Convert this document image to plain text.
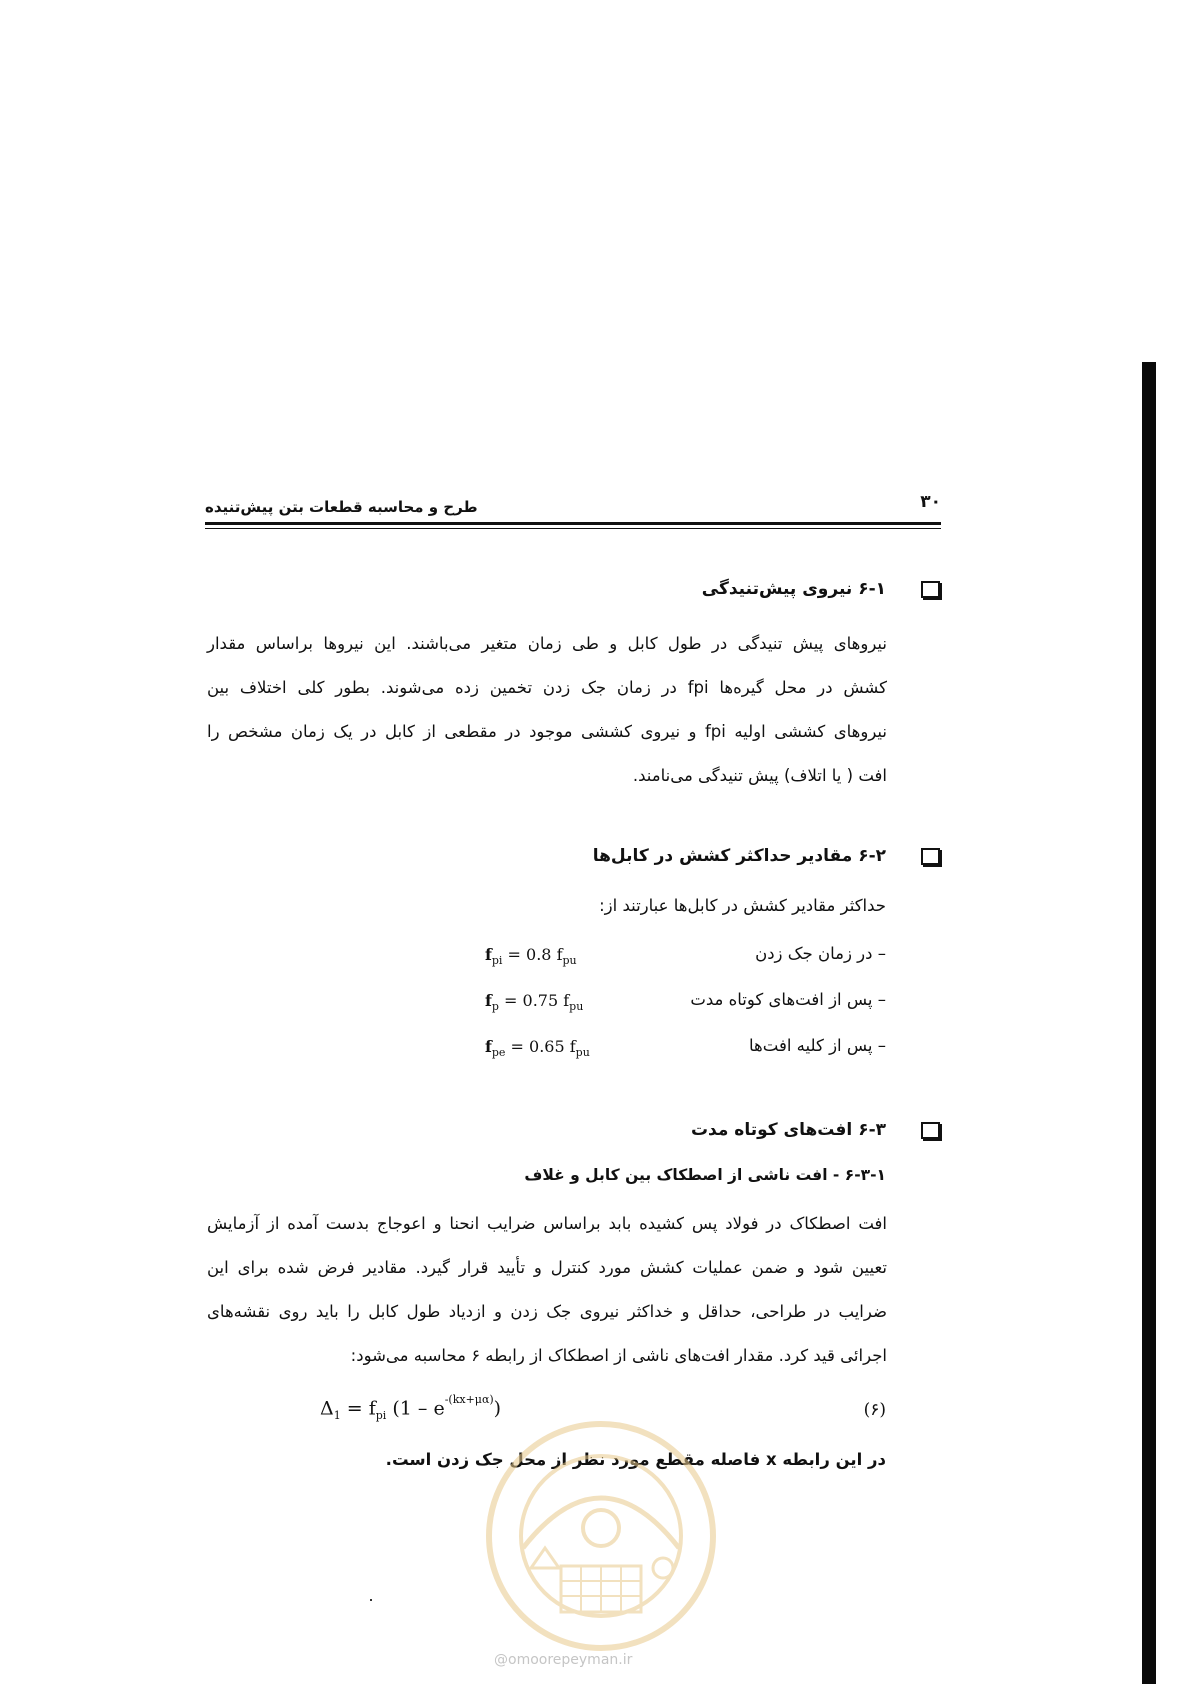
۳۰
طرح و محاسبه قطعات بتن پیش‌تنیده
۶-۱ نیروی پیش‌تنیدگی
نیروهای پیش تنیدگی در طول کابل و طی زمان متغیر می‌باشند. این نیروها براساس مقدار
کشش در محل گیره‌ها fpi در زمان جک زدن تخمین زده می‌شوند. بطور کلی اختلاف بین
نیروهای کششی اولیه fpi و نیروی کششی موجود در مقطعی از کابل در یک زمان مشخص را
افت ( یا اتلاف) پیش تنیدگی می‌نامند.
۶-۲ مقادیر حداکثر کشش در کابل‌ها
حداکثر مقادیر کشش در کابل‌ها عبارتند از:
– در زمان جک زدن
$f_{pi} = 0.8$ $f_{pu}$
– پس از افت‌های کوتاه مدت
$f_p = 0.75$ $f_{pu}$
– پس از کلیه افت‌ها
$f_{pe} = 0.65$ $f_{pu}$
۶-۳ افت‌های کوتاه مدت
۶-۳-۱ - افت ناشی از اصطکاک بین کابل و غلاف
افت اصطکاک در فولاد پس کشیده بابد براساس ضرایب انحنا و اعوجاج بدست آمده از آزمایش
تعیین شود و ضمن عملیات کشش مورد کنترل و تأیید قرار گیرد. مقادیر فرض شده برای این
ضرایب در طراحی، حداقل و خداکثر نیروی جک زدن و ازدیاد طول کابل را باید روی نقشه‌های
اجرائی قید کرد. مقدار افت‌های ناشی از اصطکاک از رابطه ۶ محاسبه می‌شود:
$\Delta_1 = f_{pi}$ $(1 - e^{-(kx+\mu\alpha)})$	(۶)
در این رابطه x فاصله مقطع مورد نظر از محل جک زدن است.
@omoorepeyman.ir
